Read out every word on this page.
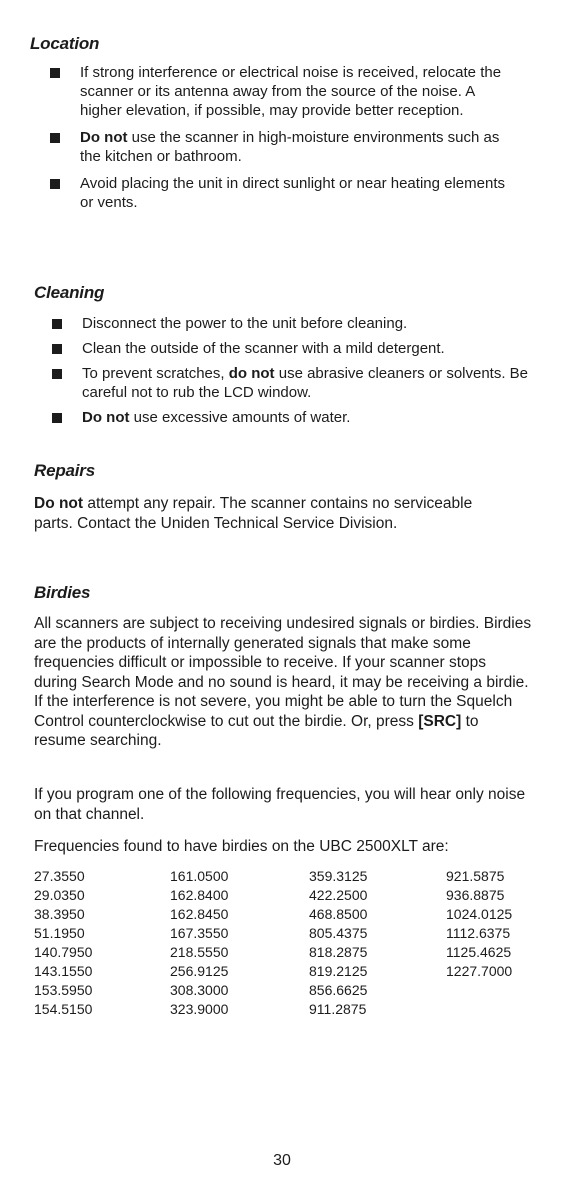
Location
If strong interference or electrical noise is received, relocate the scanner or its antenna away from the source of the noise. A higher elevation, if possible, may provide better reception.
Do not use the scanner in high-moisture environments such as the kitchen or bathroom.
Avoid placing the unit in direct sunlight or near heating elements or vents.
Cleaning
Disconnect the power to the unit before cleaning.
Clean the outside of the scanner with a mild detergent.
To prevent scratches, do not use abrasive cleaners or solvents. Be careful not to rub the LCD window.
Do not use excessive amounts of water.
Repairs

Do not attempt any repair. The scanner contains no serviceable parts. Contact the Uniden Technical Service Division.

Birdies

All scanners are subject to receiving undesired signals or birdies. Birdies are the products of internally generated signals that make some frequencies difficult or impossible to receive. If your scanner stops during Search Mode and no sound is heard, it may be receiving a birdie. If the interference is not severe, you might be able to turn the Squelch Control counterclockwise to cut out the birdie. Or, press [SRC] to resume searching.

If you program one of the following frequencies, you will hear only noise on that channel.

Frequencies found to have birdies on the UBC 2500XLT are:

27.3550
29.0350
38.3950
51.1950
140.7950
143.1550
153.5950
154.5150
161.0500
162.8400
162.8450
167.3550
218.5550
256.9125
308.3000
323.9000
359.3125
422.2500
468.8500
805.4375
818.2875
819.2125
856.6625
911.2875
921.5875
936.8875
1024.0125
1112.6375
1125.4625
1227.7000
30
